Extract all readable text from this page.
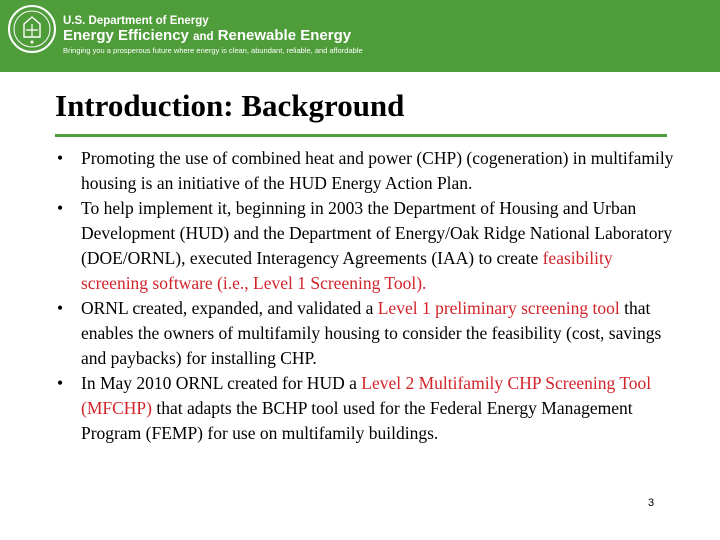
U.S. Department of Energy
Energy Efficiency and Renewable Energy
Bringing you a prosperous future where energy is clean, abundant, reliable, and affordable
Introduction: Background
• Promoting the use of combined heat and power (CHP) (cogeneration) in multifamily housing is an initiative of the HUD Energy Action Plan.
• To help implement it, beginning in 2003 the Department of Housing and Urban Development (HUD) and the Department of Energy/Oak Ridge National Laboratory (DOE/ORNL), executed Interagency Agreements (IAA) to create feasibility screening software (i.e., Level 1 Screening Tool).
• ORNL created, expanded, and validated a Level 1 preliminary screening tool that enables the owners of multifamily housing to consider the feasibility (cost, savings and paybacks) for installing CHP.
• In May 2010 ORNL created for HUD a Level 2 Multifamily CHP Screening Tool (MFCHP) that adapts the BCHP tool used for the Federal Energy Management Program (FEMP) for use on multifamily buildings.
3
